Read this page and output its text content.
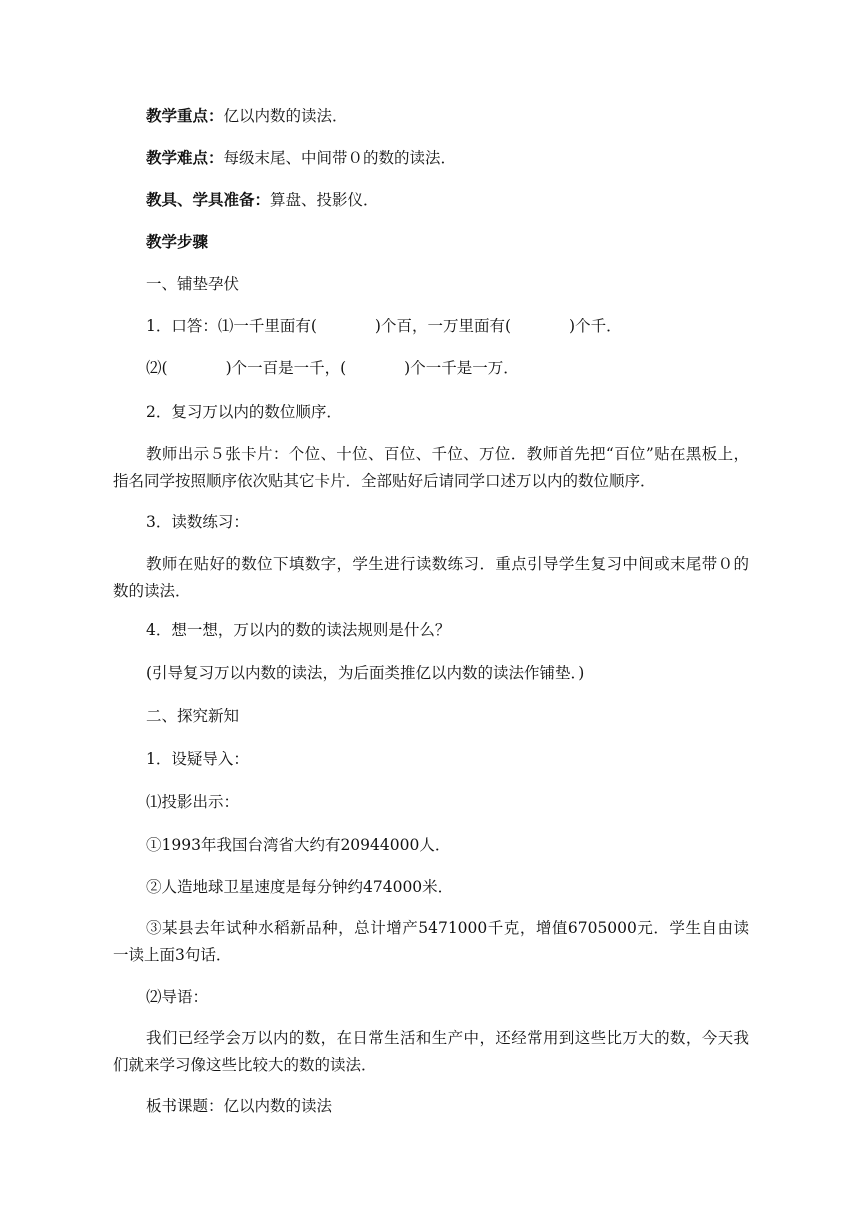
教学重点：亿以内数的读法．
教学难点：每级末尾、中间带０的数的读法．
教具、学具准备：算盘、投影仪．
教学步骤
一、铺垫孕伏
1．口答：⑴一千里面有(	)个百，一万里面有(	)个千．
⑵(	)个一百是一千，(	)个一千是一万．
2．复习万以内的数位顺序．
教师出示５张卡片：个位、十位、百位、千位、万位．教师首先把“百位”贴在黑板上，指名同学按照顺序依次贴其它卡片．全部贴好后请同学口述万以内的数位顺序．
3．读数练习：
教师在贴好的数位下填数字，学生进行读数练习．重点引导学生复习中间或末尾带０的数的读法．
4．想一想，万以内的数的读法规则是什么？
(引导复习万以内数的读法，为后面类推亿以内数的读法作铺垫．)
二、探究新知
1．设疑导入：
⑴投影出示：
①1993年我国台湾省大约有20944000人．
②人造地球卫星速度是每分钟约474000米．
③某县去年试种水稻新品种，总计增产5471000千克，增值6705000元．学生自由读一读上面3句话．
⑵导语：
我们已经学会万以内的数，在日常生活和生产中，还经常用到这些比万大的数，今天我们就来学习像这些比较大的数的读法．
板书课题：亿以内数的读法
